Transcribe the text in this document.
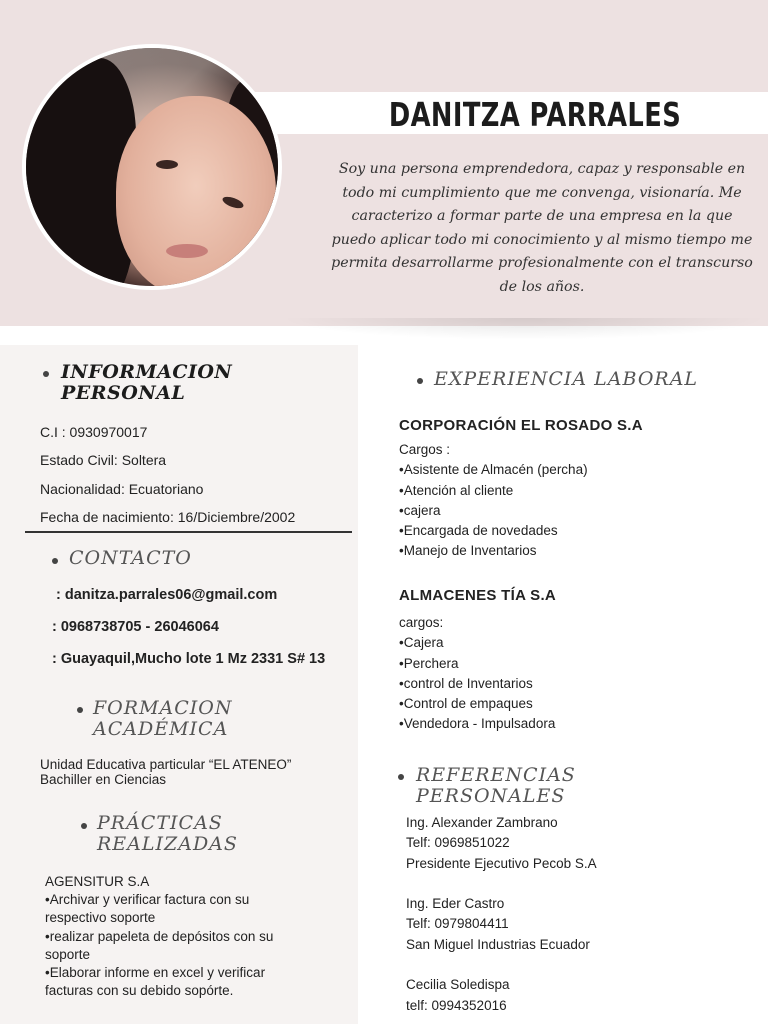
DANITZA PARRALES
Soy una persona emprendedora, capaz y responsable en todo mi cumplimiento que me convenga, visionaría. Me caracterizo a formar parte de una empresa en la que puedo aplicar todo mi conocimiento y al mismo tiempo me permita desarrollarme profesionalmente con el transcurso de los años.
INFORMACION
PERSONAL
C.I : 0930970017
Estado Civil: Soltera
Nacionalidad: Ecuatoriano
Fecha de nacimiento: 16/Diciembre/2002
CONTACTO
: danitza.parrales06@gmail.com
: 0968738705 - 26046064
: Guayaquil,Mucho lote 1 Mz 2331 S# 13
FORMACION
ACADÉMICA
Unidad Educativa particular “EL ATENEO”
Bachiller en Ciencias
PRÁCTICAS
REALIZADAS
AGENSITUR S.A
•Archivar y verificar factura con su
respectivo soporte
•realizar papeleta de depósitos con su
soporte
•Elaborar informe en excel y verificar
facturas con su debido sopórte.
EXPERIENCIA LABORAL
CORPORACIÓN EL ROSADO S.A
Cargos :
•Asistente de Almacén (percha)
•Atención al cliente
•cajera
•Encargada de novedades
•Manejo de Inventarios
ALMACENES TÍA S.A
cargos:
•Cajera
•Perchera
•control de Inventarios
•Control de empaques
•Vendedora - Impulsadora
REFERENCIAS
PERSONALES
Ing. Alexander Zambrano
Telf: 0969851022
Presidente Ejecutivo Pecob S.A
Ing. Eder Castro
Telf: 0979804411
San Miguel Industrias Ecuador
Cecilia Soledispa
telf: 0994352016
